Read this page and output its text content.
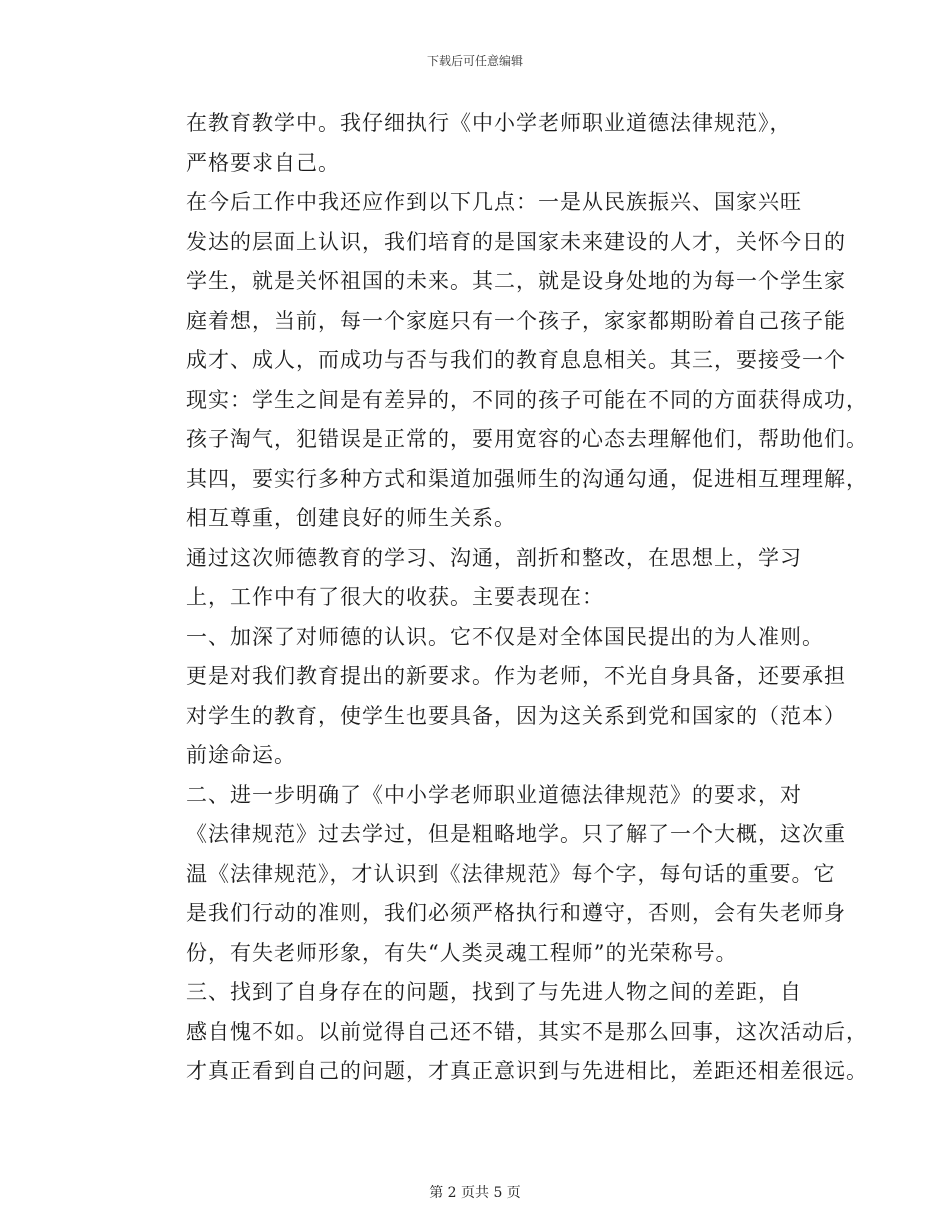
下载后可任意编辑

在教育教学中。我仔细执行《中小学老师职业道德法律规范》，
严格要求自己。

在今后工作中我还应作到以下几点：一是从民族振兴、国家兴旺
发达的层面上认识，我们培育的是国家未来建设的人才，关怀今日的
学生，就是关怀祖国的未来。其二，就是设身处地的为每一个学生家
庭着想，当前，每一个家庭只有一个孩子，家家都期盼着自己孩子能
成才、成人，而成功与否与我们的教育息息相关。其三，要接受一个
现实：学生之间是有差异的，不同的孩子可能在不同的方面获得成功，
孩子淘气，犯错误是正常的，要用宽容的心态去理解他们，帮助他们。
其四，要实行多种方式和渠道加强师生的沟通勾通，促进相互理理解，
相互尊重，创建良好的师生关系。

通过这次师德教育的学习、沟通，剖折和整改，在思想上，学习
上，工作中有了很大的收获。主要表现在：

一、加深了对师德的认识。它不仅是对全体国民提出的为人准则。
更是对我们教育提出的新要求。作为老师，不光自身具备，还要承担
对学生的教育，使学生也要具备，因为这关系到党和国家的（范本）
前途命运。

二、进一步明确了《中小学老师职业道德法律规范》的要求，对
《法律规范》过去学过，但是粗略地学。只了解了一个大概，这次重
温《法律规范》，才认识到《法律规范》每个字，每句话的重要。它
是我们行动的准则，我们必须严格执行和遵守，否则，会有失老师身
份，有失老师形象，有失“人类灵魂工程师”的光荣称号。

三、找到了自身存在的问题，找到了与先进人物之间的差距，自
感自愧不如。以前觉得自己还不错，其实不是那么回事，这次活动后，
才真正看到自己的问题，才真正意识到与先进相比，差距还相差很远。

第 2 页共 5 页
